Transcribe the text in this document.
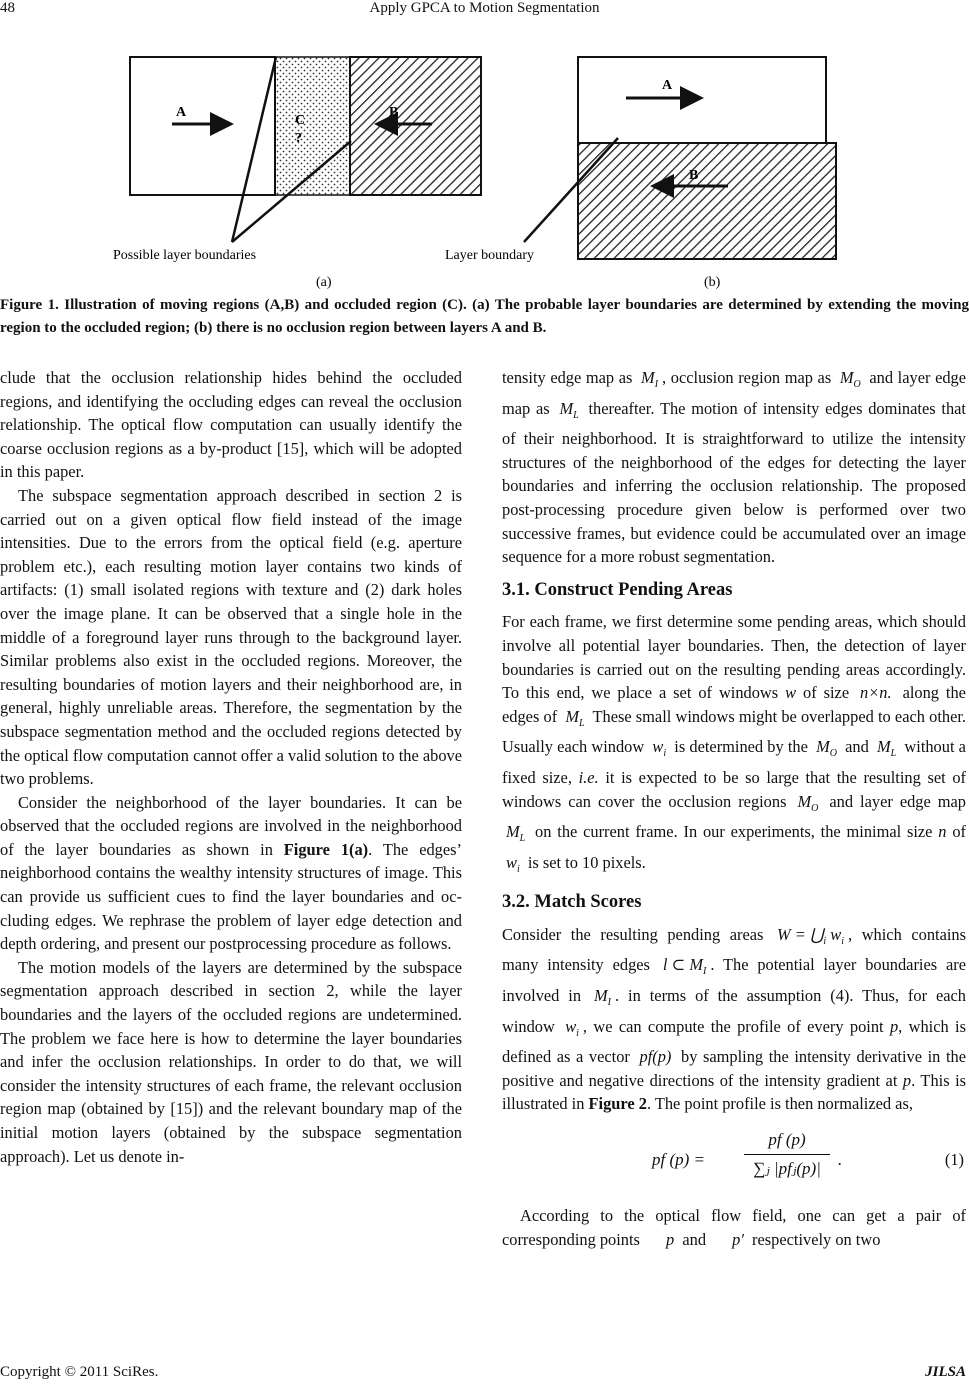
48	Apply GPCA to Motion Segmentation
A
C
?
B
Possible layer boundaries
(a)
A
B
Layer boundary
(b)
Figure 1. Illustration of moving regions (A,B) and occluded region (C). (a) The probable layer boundaries are determined by extending the moving region to the occluded region; (b) there is no occlusion region between layers A and B.

clude that the occlusion relationship hides behind the occluded regions, and identifying the occluding edges can reveal the occlusion relationship. The optical flow computation can usually identify the coarse occlusion regions as a by-product [15], which will be adopted in this paper.

The subspace segmentation approach described in section 2 is carried out on a given optical flow field instead of the image intensities. Due to the errors from the optical field (e.g. aperture problem etc.), each resulting motion layer contains two kinds of artifacts: (1) small isolated regions with texture and (2) dark holes over the image plane. It can be observed that a single hole in the middle of a foreground layer runs through to the background layer. Similar problems also exist in the occluded regions. Moreover, the resulting boundaries of motion layers and their neighborhood are, in general, highly unreliable areas. Therefore, the segmentation by the subspace segmentation method and the occluded regions detected by the optical flow computation cannot offer a valid solution to the above two problems.

Consider the neighborhood of the layer boundaries. It can be observed that the occluded regions are involved in the neighborhood of the layer boundaries as shown in Figure 1(a). The edges’ neighborhood contains the wealthy intensity structures of image. This can provide us sufficient cues to find the layer boundaries and occluding edges. We rephrase the problem of layer edge detection and depth ordering, and present our postprocessing procedure as follows.

The motion models of the layers are determined by the subspace segmentation approach described in section 2, while the layer boundaries and the layers of the occluded regions are undetermined. The problem we face here is how to determine the layer boundaries and infer the occlusion relationships. In order to do that, we will consider the intensity structures of each frame, the relevant occlusion region map (obtained by [15]) and the relevant boundary map of the initial motion layers (obtained by the subspace segmentation approach). Let us denote in-

tensity edge map as $M_I$ , occlusion region map as $M_O$ and layer edge map as $M_L$ thereafter. The motion of intensity edges dominates that of their neighborhood. It is straightforward to utilize the intensity structures of the neighborhood of the edges for detecting the layer boundaries and inferring the occlusion relationship. The proposed post-processing procedure given below is performed over two successive frames, but evidence could be accumulated over an image sequence for a more robust segmentation.

3.1. Construct Pending Areas

For each frame, we first determine some pending areas, which should involve all potential layer boundaries. Then, the detection of layer boundaries is carried out on the resulting pending areas accordingly. To this end, we place a set of windows w of size n×n. along the edges of $M_L$ These small windows might be overlapped to each other. Usually each window $w_i$ is determined by the $M_O$ and $M_L$ without a fixed size, i.e. it is expected to be so large that the resulting set of windows can cover the occlusion regions $M_O$ and layer edge map $M_L$ on the current frame. In our experiments, the minimal size n of $w_i$ is set to 10 pixels.

3.2. Match Scores

Consider the resulting pending areas $W = ⋃_i$ $w_i$ , which contains many intensity edges l ⊂ $M_I$ . The potential layer boundaries are involved in $M_I$ . in terms of the assumption (4). Thus, for each window $w_i$ , we can compute the profile of every point p, which is defined as a vector pf(p) by sampling the intensity derivative in the positive and negative directions of the intensity gradient at p. This is illustrated in Figure 2. The point profile is then normalized as,

pf (p) =
pf (p)
∑ⱼ |pfⱼ(p)|	.	(1)

According to the optical flow field, one can get a pair of corresponding points p and p′ respectively on two

Copyright © 2011 SciRes.	JILSA
